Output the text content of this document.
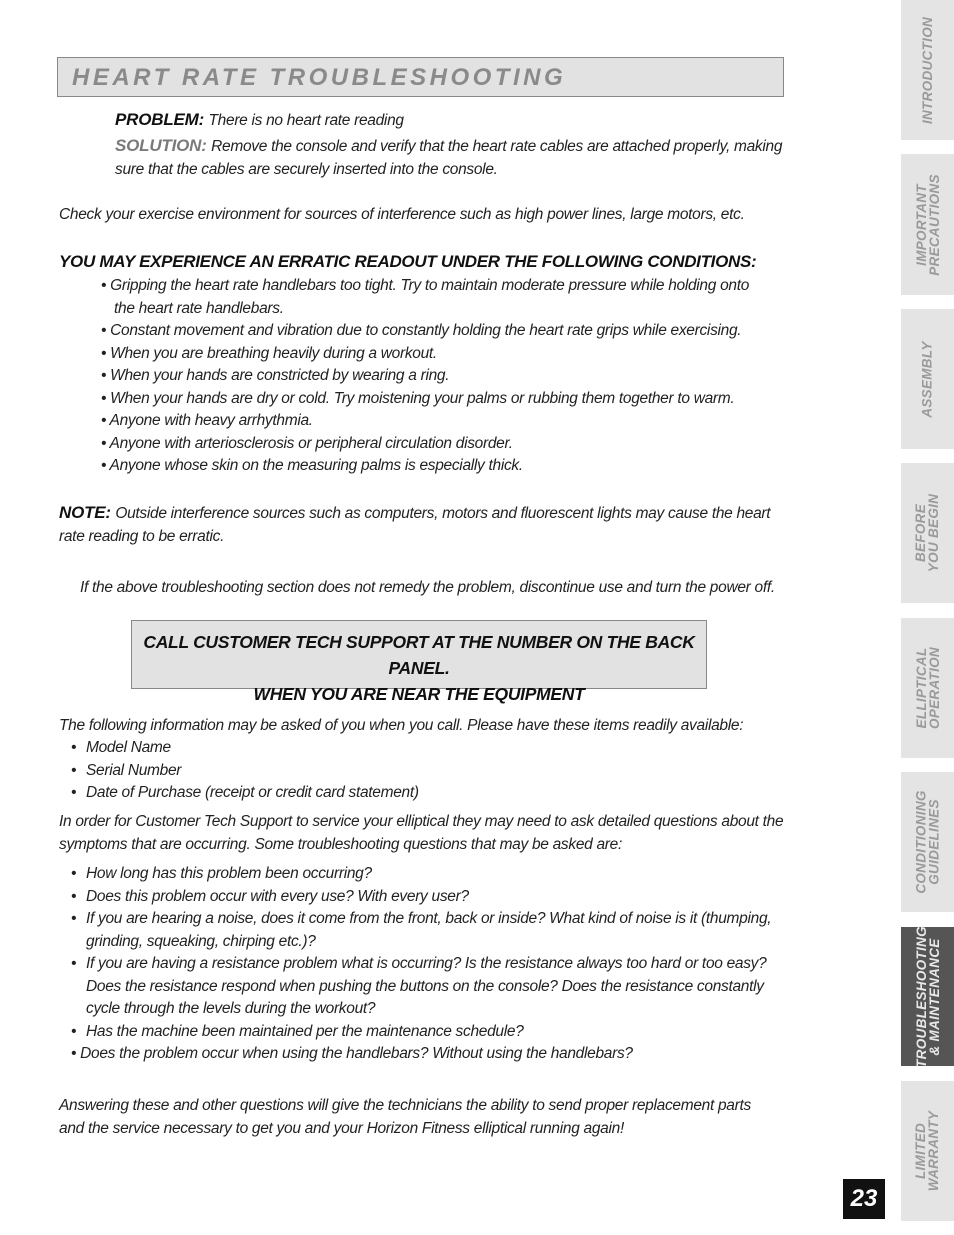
HEART RATE TROUBLESHOOTING
PROBLEM: There is no heart rate reading
SOLUTION: Remove the console and verify that the heart rate cables are attached properly, making
sure that the cables are securely inserted into the console.
Check your exercise environment for sources of interference such as high power lines, large motors, etc.
YOU MAY EXPERIENCE AN ERRATIC READOUT UNDER THE FOLLOWING CONDITIONS:
• Gripping the heart rate handlebars too tight. Try to maintain moderate pressure while holding onto
the heart rate handlebars.
• Constant movement and vibration due to constantly holding the heart rate grips while exercising.
• When you are breathing heavily during a workout.
• When your hands are constricted by wearing a ring.
• When your hands are dry or cold. Try moistening your palms or rubbing them together to warm.
• Anyone with heavy arrhythmia.
• Anyone with arteriosclerosis or peripheral circulation disorder.
• Anyone whose skin on the measuring palms is especially thick.
NOTE: Outside interference sources such as computers, motors and fluorescent lights may cause the heart
rate reading to be erratic.
If the above troubleshooting section does not remedy the problem, discontinue use and turn the power off.
CALL CUSTOMER TECH SUPPORT AT THE NUMBER ON THE BACK PANEL.
WHEN YOU ARE NEAR THE EQUIPMENT
The following information may be asked of you when you call. Please have these items readily available:
• Model Name
• Serial Number
• Date of Purchase (receipt or credit card statement)
In order for Customer Tech Support to service your elliptical they may need to ask detailed questions about the
symptoms that are occurring. Some troubleshooting questions that may be asked are:
• How long has this problem been occurring?
• Does this problem occur with every use? With every user?
• If you are hearing a noise, does it come from the front, back or inside? What kind of noise is it (thumping,
grinding, squeaking, chirping etc.)?
• If you are having a resistance problem what is occurring? Is the resistance always too hard or too easy?
Does the resistance respond when pushing the buttons on the console? Does the resistance constantly
cycle through the levels during the workout?
• Has the machine been maintained per the maintenance schedule?
• Does the problem occur when using the handlebars? Without using the handlebars?
Answering these and other questions will give the technicians the ability to send proper replacement parts
and the service necessary to get you and your Horizon Fitness elliptical running again!
INTRODUCTION
IMPORTANT
PRECAUTIONS
ASSEMBLY
BEFORE
YOU BEGIN
ELLIPTICAL
OPERATION
CONDITIONING
GUIDELINES
TROUBLESHOOTING
& MAINTENANCE
LIMITED
WARRANTY
23
